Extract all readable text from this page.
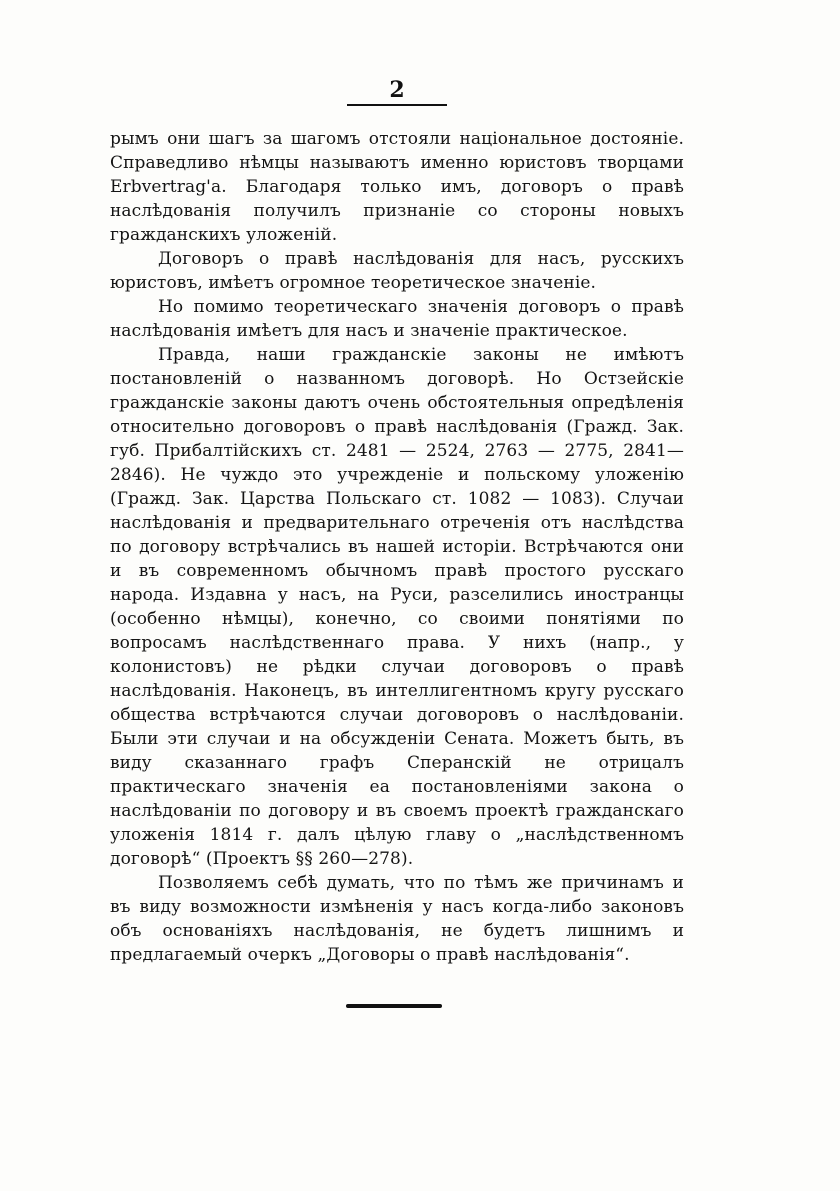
2

рымъ они шагъ за шагомъ отстояли національное достояніе. Справедливо нѣмцы называютъ именно юристовъ творцами Erbvertrag'a. Благодаря только имъ, договоръ о правѣ наслѣдованія получилъ признаніе со стороны новыхъ гражданскихъ уложеній.

Договоръ о правѣ наслѣдованія для насъ, русскихъ юристовъ, имѣетъ огромное теоретическое значеніе.

Но помимо теоретическаго значенія договоръ о правѣ наслѣдованія имѣетъ для насъ и значеніе практическое.

Правда, наши гражданскіе законы не имѣютъ постановленій о названномъ договорѣ. Но Остзейскіе гражданскіе законы даютъ очень обстоятельныя опредѣленія относительно договоровъ о правѣ наслѣдованія (Гражд. Зак. губ. Прибалтійскихъ ст. 2481 — 2524, 2763 — 2775, 2841—2846). Не чуждо это учрежденіе и польскому уложенію (Гражд. Зак. Царства Польскаго ст. 1082 — 1083). Случаи наслѣдованія и предварительнаго отреченія отъ наслѣдства по договору встрѣчались въ нашей исторіи. Встрѣчаются они и въ современномъ обычномъ правѣ простого русскаго народа. Издавна у насъ, на Руси, разселились иностранцы (особенно нѣмцы), конечно, со своими понятіями по вопросамъ наслѣдственнаго права. У нихъ (напр., у колонистовъ) не рѣдки случаи договоровъ о правѣ наслѣдованія. Наконецъ, въ интеллигентномъ кругу русскаго общества встрѣчаются случаи договоровъ о наслѣдованіи. Были эти случаи и на обсужденіи Сената. Можетъ быть, въ виду сказаннаго графъ Сперанскій не отрицалъ практическаго значенія ea постановленіями закона о наслѣдованіи по договору и въ своемъ проектѣ гражданскаго уложенія 1814 г. далъ цѣлую главу о „наслѣдственномъ договорѣ“ (Проектъ §§ 260—278).

Позволяемъ себѣ думать, что по тѣмъ же причинамъ и въ виду возможности измѣненія у насъ когда-либо законовъ объ основаніяхъ наслѣдованія, не будетъ лишнимъ и предлагаемый очеркъ „Договоры о правѣ наслѣдованія“.
